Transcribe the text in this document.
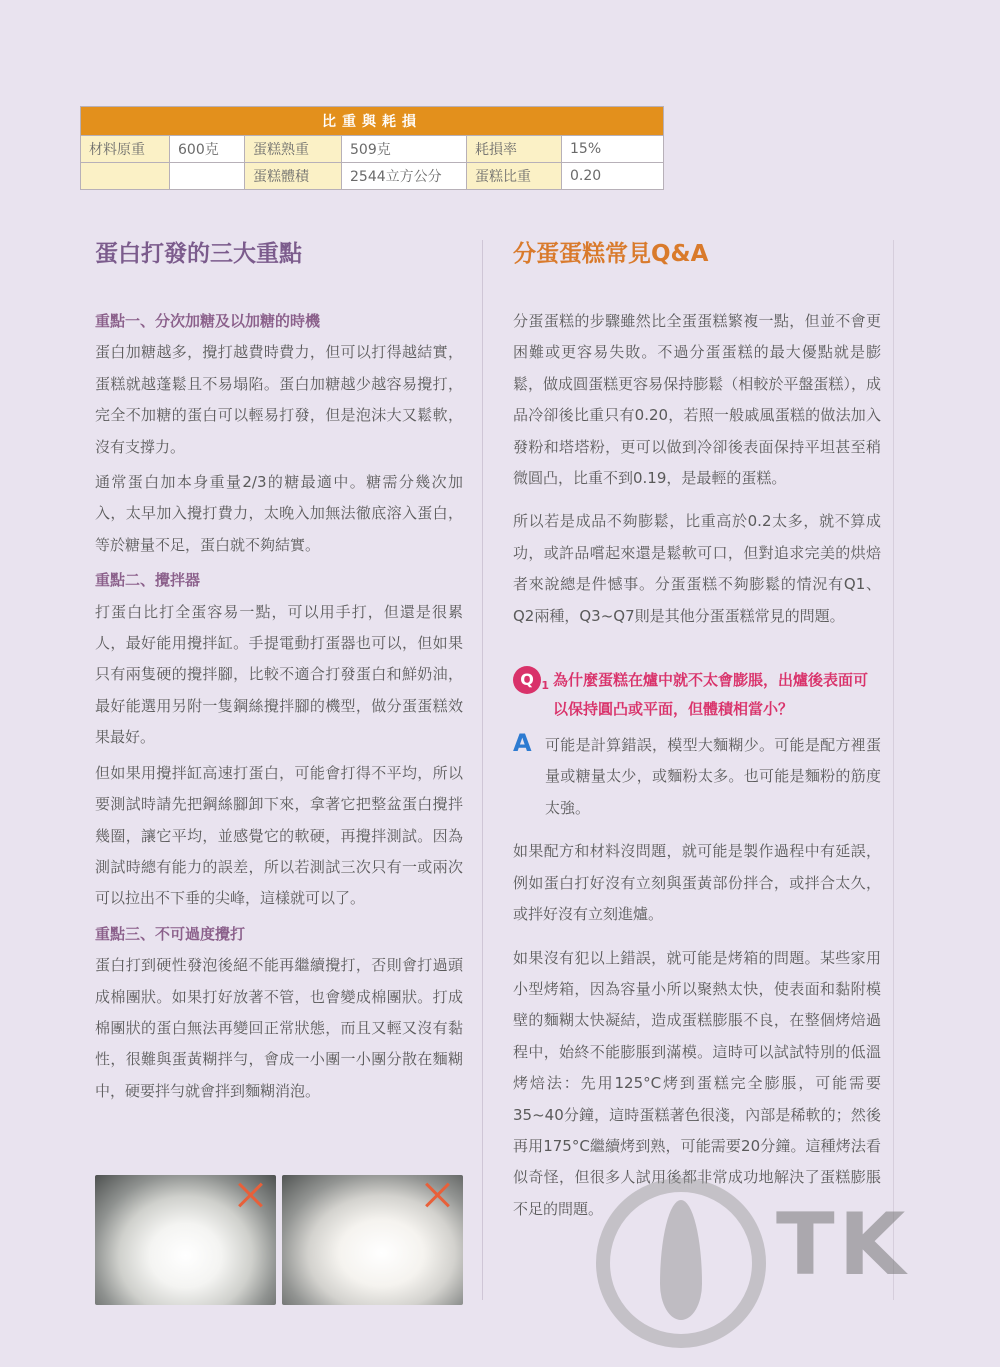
比重與耗損					
材料原重	600克	蛋糕熟重	509克	耗損率	15%
		蛋糕體積	2544立方公分	蛋糕比重	0.20
蛋白打發的三大重點
重點一、分次加糖及以加糖的時機

蛋白加糖越多，攪打越費時費力，但可以打得越結實，蛋糕就越蓬鬆且不易塌陷。蛋白加糖越少越容易攪打，完全不加糖的蛋白可以輕易打發，但是泡沫大又鬆軟，沒有支撐力。

通常蛋白加本身重量2/3的糖最適中。糖需分幾次加入，太早加入攪打費力，太晚入加無法徹底溶入蛋白，等於糖量不足，蛋白就不夠結實。

重點二、攪拌器

打蛋白比打全蛋容易一點，可以用手打，但還是很累人，最好能用攪拌缸。手提電動打蛋器也可以，但如果只有兩隻硬的攪拌腳，比較不適合打發蛋白和鮮奶油，最好能選用另附一隻鋼絲攪拌腳的機型，做分蛋蛋糕效果最好。

但如果用攪拌缸高速打蛋白，可能會打得不平均，所以要測試時請先把鋼絲腳卸下來，拿著它把整盆蛋白攪拌幾圈，讓它平均，並感覺它的軟硬，再攪拌測試。因為測試時總有能力的誤差，所以若測試三次只有一或兩次可以拉出不下垂的尖峰，這樣就可以了。

重點三、不可過度攪打

蛋白打到硬性發泡後絕不能再繼續攪打，否則會打過頭成棉團狀。如果打好放著不管，也會變成棉團狀。打成棉團狀的蛋白無法再變回正常狀態，而且又輕又沒有黏性，很難與蛋黃糊拌勻，會成一小團一小團分散在麵糊中，硬要拌勻就會拌到麵糊消泡。

分蛋蛋糕常見Q&A

分蛋蛋糕的步驟雖然比全蛋蛋糕繁複一點，但並不會更困難或更容易失敗。不過分蛋蛋糕的最大優點就是膨鬆，做成圓蛋糕更容易保持膨鬆（相較於平盤蛋糕），成品冷卻後比重只有0.20，若照一般戚風蛋糕的做法加入發粉和塔塔粉，更可以做到冷卻後表面保持平坦甚至稍微圓凸，比重不到0.19，是最輕的蛋糕。

所以若是成品不夠膨鬆，比重高於0.2太多，就不算成功，或許品嚐起來還是鬆軟可口，但對追求完美的烘焙者來說總是件憾事。分蛋蛋糕不夠膨鬆的情況有Q1、Q2兩種，Q3~Q7則是其他分蛋蛋糕常見的問題。

Q 1 為什麼蛋糕在爐中就不太會膨脹，出爐後表面可以保持圓凸或平面，但體積相當小？
A 可能是計算錯誤，模型大麵糊少。可能是配方裡蛋量或糖量太少，或麵粉太多。也可能是麵粉的筋度太強。

如果配方和材料沒問題，就可能是製作過程中有延誤，例如蛋白打好沒有立刻與蛋黃部份拌合，或拌合太久，或拌好沒有立刻進爐。

如果沒有犯以上錯誤，就可能是烤箱的問題。某些家用小型烤箱，因為容量小所以聚熱太快，使表面和黏附模壁的麵糊太快凝結，造成蛋糕膨脹不良，在整個烤焙過程中，始終不能膨脹到滿模。這時可以試試特別的低溫烤焙法：先用125°C烤到蛋糕完全膨脹，可能需要35~40分鐘，這時蛋糕著色很淺，內部是稀軟的；然後再用175°C繼續烤到熟，可能需要20分鐘。這種烤法看似奇怪，但很多人試用後都非常成功地解決了蛋糕膨脹不足的問題。	TK
